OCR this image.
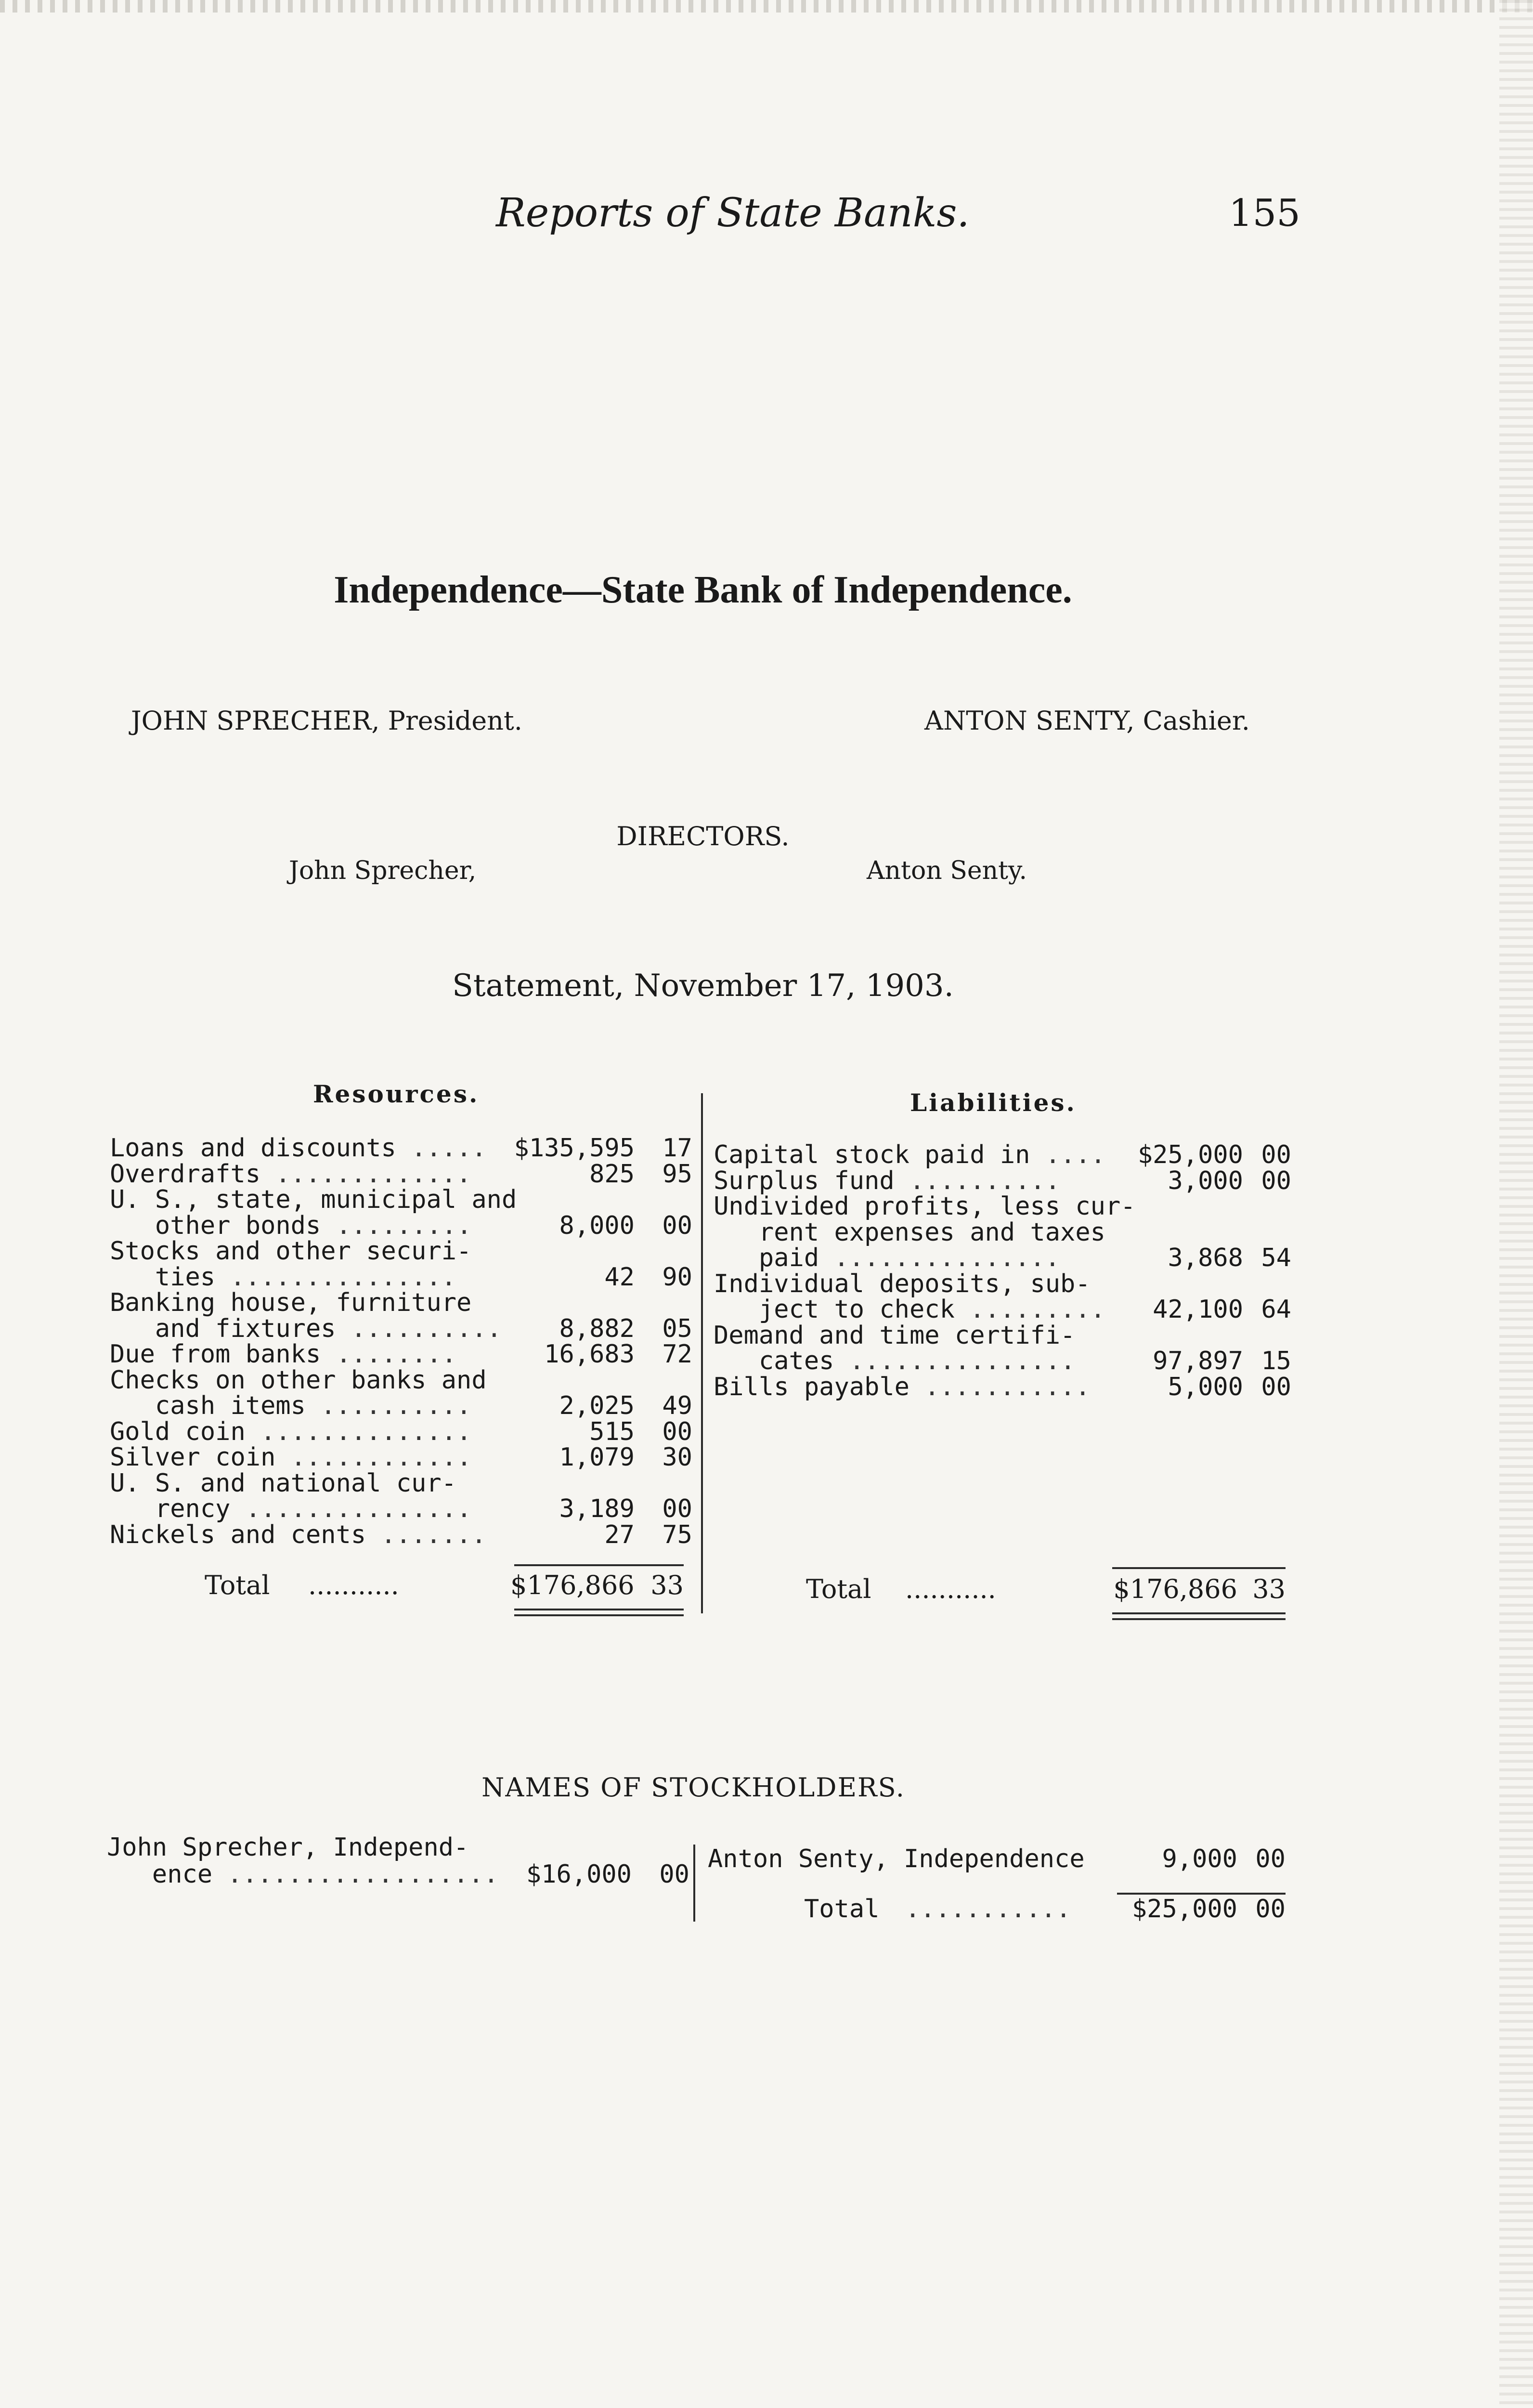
Reports of State Banks.	155
Independence—State Bank of Independence.
JOHN SPRECHER, President.	ANTON SENTY, Cashier.
DIRECTORS.
John Sprecher,	Anton Senty.
Statement, November 17, 1903.
Resources.	Liabilities.
Loans and discounts .....	$135,595	17
Overdrafts .............	825	95
U. S., state, municipal and
other bonds .........	8,000	00
Stocks and other securi-
ties ...............	42	90
Banking house, furniture
and fixtures ..........	8,882	05
Due from banks ........	16,683	72
Checks on other banks and
cash items ..........	2,025	49
Gold coin ..............	515	00
Silver coin ............	1,079	30
U. S. and national cur-
rency ...............	3,189	00
Nickels and cents .......	27	75
Capital stock paid in ....	$25,000 00
Surplus fund ..........	3,000 00
Undivided profits, less cur-
rent expenses and taxes
paid ...............	3,868 54
Individual deposits, sub-
ject to check .........	42,100 64
Demand and time certifi-
cates ...............	97,897 15
Bills payable ...........	5,000 00
Total ...........	$176,866 33	Total ...........	$176,866 33
NAMES OF STOCKHOLDERS.
John Sprecher, Independ-
ence ..................	$16,000	00
Anton Senty, Independence	9,000 00
Total ...........	$25,000 00
